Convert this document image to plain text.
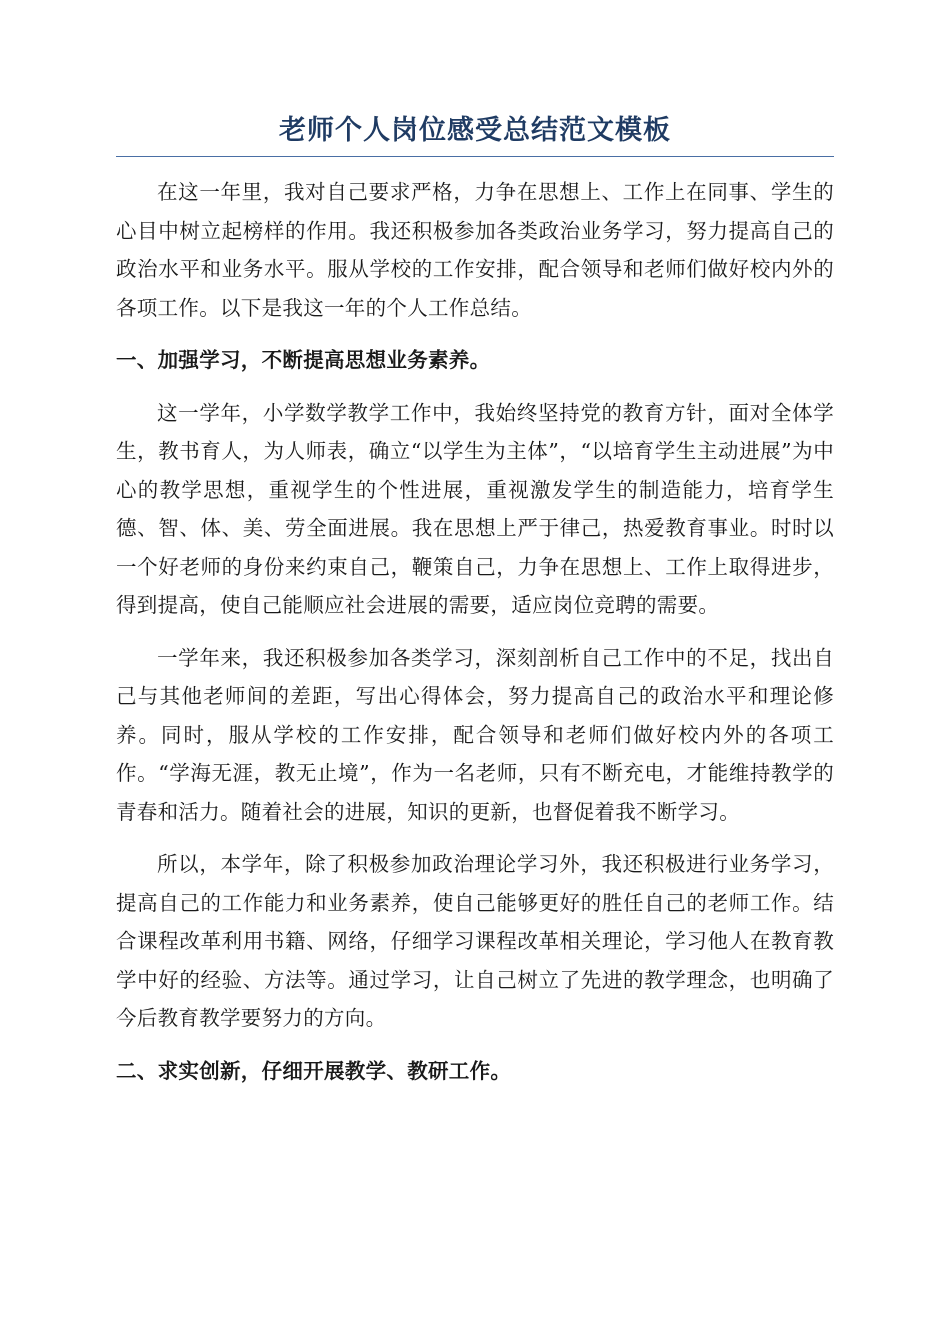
老师个人岗位感受总结范文模板

在这一年里，我对自己要求严格，力争在思想上、工作上在同事、学生的心目中树立起榜样的作用。我还积极参加各类政治业务学习，努力提高自己的政治水平和业务水平。服从学校的工作安排，配合领导和老师们做好校内外的各项工作。以下是我这一年的个人工作总结。

一、加强学习，不断提高思想业务素养。

这一学年，小学数学教学工作中，我始终坚持党的教育方针，面对全体学生，教书育人，为人师表，确立“以学生为主体”，“以培育学生主动进展”为中心的教学思想，重视学生的个性进展，重视激发学生的制造能力，培育学生德、智、体、美、劳全面进展。我在思想上严于律己，热爱教育事业。时时以一个好老师的身份来约束自己，鞭策自己，力争在思想上、工作上取得进步，得到提高，使自己能顺应社会进展的需要，适应岗位竞聘的需要。

一学年来，我还积极参加各类学习，深刻剖析自己工作中的不足，找出自己与其他老师间的差距，写出心得体会，努力提高自己的政治水平和理论修养。同时，服从学校的工作安排，配合领导和老师们做好校内外的各项工作。“学海无涯，教无止境”，作为一名老师，只有不断充电，才能维持教学的青春和活力。随着社会的进展，知识的更新，也督促着我不断学习。

所以，本学年，除了积极参加政治理论学习外，我还积极进行业务学习，提高自己的工作能力和业务素养，使自己能够更好的胜任自己的老师工作。结合课程改革利用书籍、网络，仔细学习课程改革相关理论，学习他人在教育教学中好的经验、方法等。通过学习，让自己树立了先进的教学理念，也明确了今后教育教学要努力的方向。

二、求实创新，仔细开展教学、教研工作。
